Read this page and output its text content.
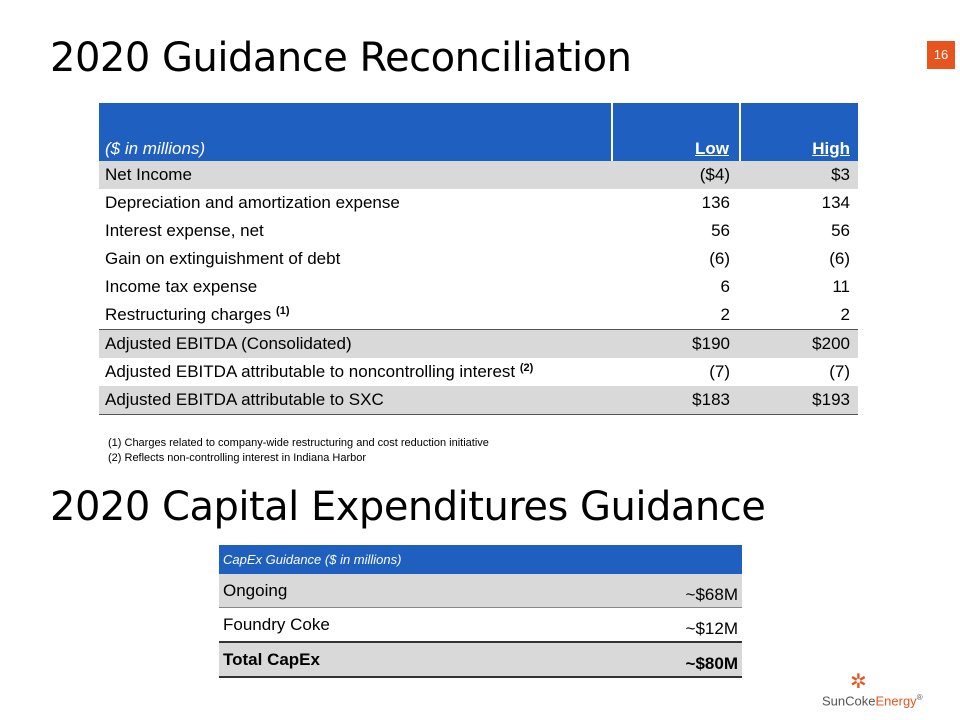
2020 Guidance Reconciliation	16
($ in millions)	Low	High
Net Income	($4)	$3
Depreciation and amortization expense	136	134
Interest expense, net	56	56
Gain on extinguishment of debt	(6)	(6)
Income tax expense	6	11
Restructuring charges $^{(1)}$	2	2
Adjusted EBITDA (Consolidated)	$190	$200
Adjusted EBITDA attributable to noncontrolling interest $^{(2)}$	(7)	(7)
Adjusted EBITDA attributable to SXC	$183	$193
(1) Charges related to company-wide restructuring and cost reduction initiative
(2) Reflects non-controlling interest in Indiana Harbor
2020 Capital Expenditures Guidance
CapEx Guidance ($ in millions)	
Ongoing	~$68M
Foundry Coke	~$12M
Total CapEx	~$80M
✲
SunCokeEnergy®
